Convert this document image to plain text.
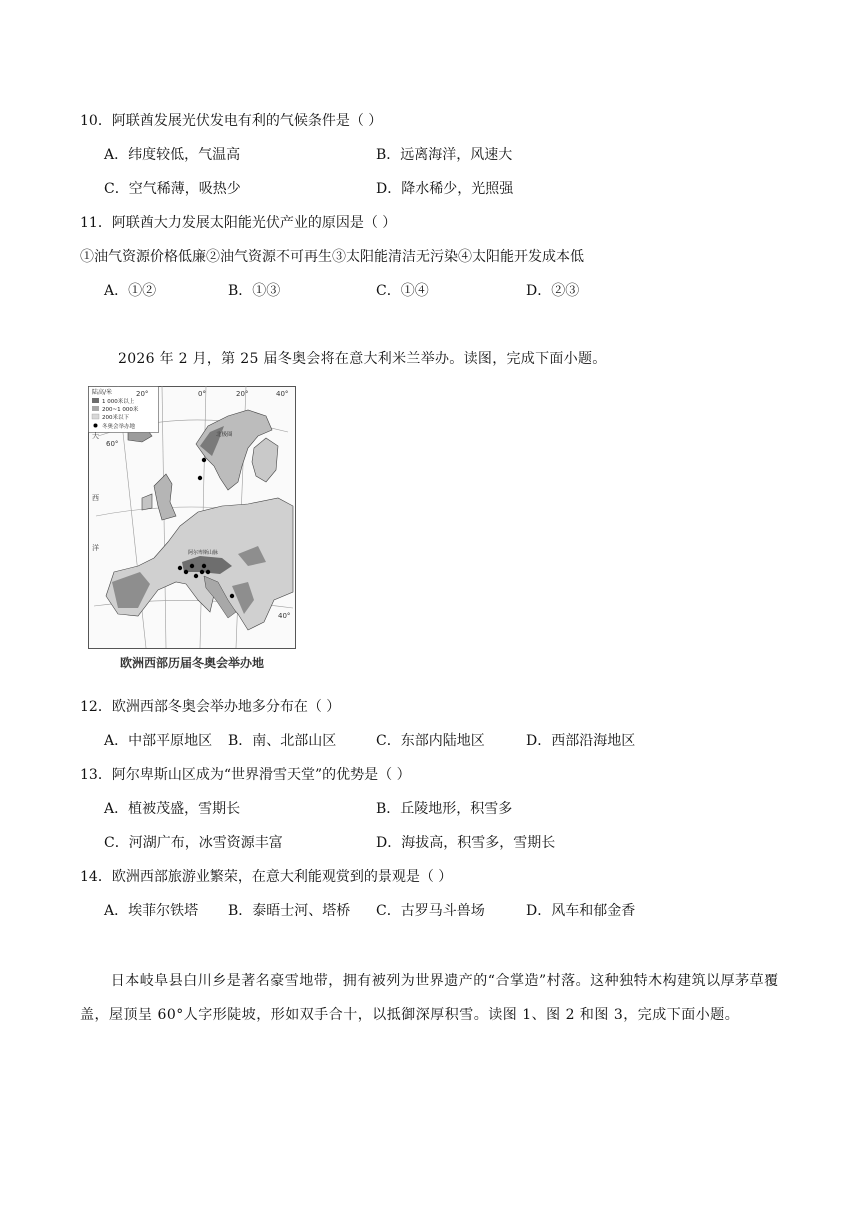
10．阿联酋发展光伏发电有利的气候条件是（ ）
A．纬度较低，气温高	B．远离海洋，风速大
C．空气稀薄，吸热少	D．降水稀少，光照强
11．阿联酋大力发展太阳能光伏产业的原因是（ ）
①油气资源价格低廉②油气资源不可再生③太阳能清洁无污染④太阳能开发成本低
A．①②	B．①③	C．①④	D．②③
2026 年 2 月，第 25 届冬奥会将在意大利米兰举办。读图，完成下面小题。
陆高/米
1 000米以上
200~1 000米
200米以下
冬奥会举办地
20°	0°	20°	40°
60°
40°
大
西
洋
北极圈
阿尔卑斯山脉
欧洲西部历届冬奥会举办地
12．欧洲西部冬奥会举办地多分布在（ ）
A．中部平原地区 B．南、北部山区	C．东部内陆地区	D．西部沿海地区
13．阿尔卑斯山区成为“世界滑雪天堂”的优势是（ ）
A．植被茂盛，雪期长	B．丘陵地形，积雪多
C．河湖广布，冰雪资源丰富	D．海拔高，积雪多，雪期长
14．欧洲西部旅游业繁荣，在意大利能观赏到的景观是（ ）
A．埃菲尔铁塔 B．泰晤士河、塔桥 C．古罗马斗兽场	D．风车和郁金香
日本岐阜县白川乡是著名豪雪地带，拥有被列为世界遗产的“合掌造”村落。这种独特木构建筑以厚茅草覆盖，屋顶呈 60°人字形陡坡，形如双手合十，以抵御深厚积雪。读图 1、图 2 和图 3，完成下面小题。
